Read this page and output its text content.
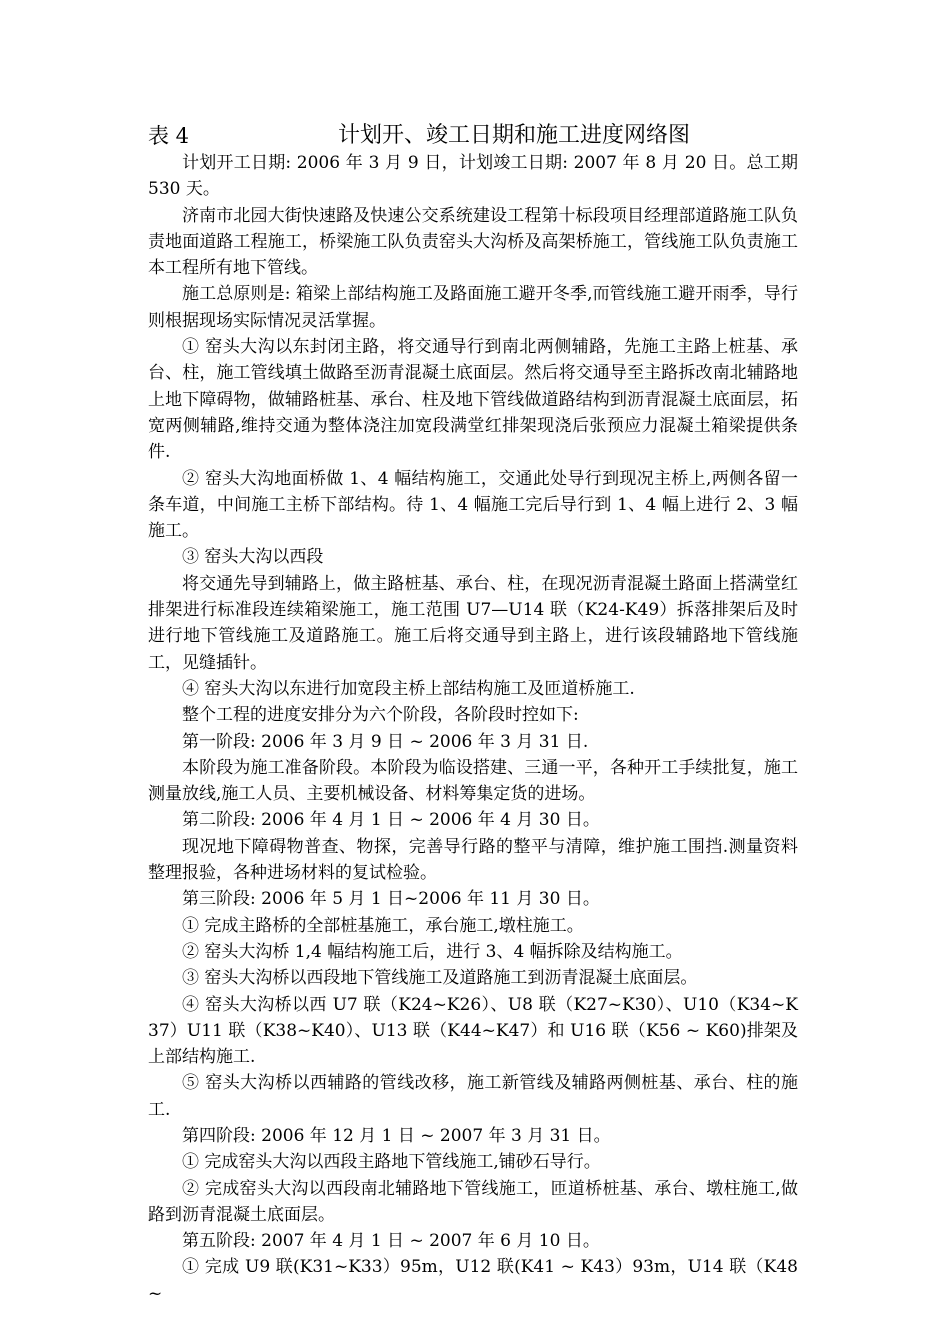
表 4	计划开、竣工日期和施工进度网络图

计划开工日期: 2006 年 3 月 9 日，计划竣工日期: 2007 年 8 月 20 日。总工期 530 天。

济南市北园大街快速路及快速公交系统建设工程第十标段项目经理部道路施工队负责地面道路工程施工，桥梁施工队负责窑头大沟桥及高架桥施工，管线施工队负责施工本工程所有地下管线。

施工总原则是: 箱梁上部结构施工及路面施工避开冬季,而管线施工避开雨季，导行则根据现场实际情况灵活掌握。

① 窑头大沟以东封闭主路，将交通导行到南北两侧辅路，先施工主路上桩基、承台、柱，施工管线填土做路至沥青混凝土底面层。然后将交通导至主路拆改南北辅路地上地下障碍物，做辅路桩基、承台、柱及地下管线做道路结构到沥青混凝土底面层，拓宽两侧辅路,维持交通为整体浇注加宽段满堂红排架现浇后张预应力混凝土箱梁提供条件.

② 窑头大沟地面桥做 1、4 幅结构施工，交通此处导行到现况主桥上,两侧各留一条车道，中间施工主桥下部结构。待 1、4 幅施工完后导行到 1、4 幅上进行 2、3 幅施工。

③ 窑头大沟以西段

将交通先导到辅路上，做主路桩基、承台、柱，在现况沥青混凝土路面上搭满堂红排架进行标准段连续箱梁施工，施工范围 U7—U14 联（K24-K49）拆落排架后及时进行地下管线施工及道路施工。施工后将交通导到主路上，进行该段辅路地下管线施工，见缝插针。

④ 窑头大沟以东进行加宽段主桥上部结构施工及匝道桥施工.

整个工程的进度安排分为六个阶段，各阶段时控如下:

第一阶段: 2006 年 3 月 9 日 ~ 2006 年 3 月 31 日.

本阶段为施工准备阶段。本阶段为临设搭建、三通一平，各种开工手续批复，施工测量放线,施工人员、主要机械设备、材料筹集定货的进场。

第二阶段: 2006 年 4 月 1 日 ~ 2006 年 4 月 30 日。

现况地下障碍物普查、物探，完善导行路的整平与清障，维护施工围挡.测量资料整理报验，各种进场材料的复试检验。

第三阶段: 2006 年 5 月 1 日~2006 年 11 月 30 日。

① 完成主路桥的全部桩基施工，承台施工,墩柱施工。

② 窑头大沟桥 1,4 幅结构施工后，进行 3、4 幅拆除及结构施工。

③ 窑头大沟桥以西段地下管线施工及道路施工到沥青混凝土底面层。

④ 窑头大沟桥以西 U7 联（K24~K26）、U8 联（K27~K30）、U10（K34~K37）U11 联（K38~K40）、U13 联（K44~K47）和 U16 联（K56 ~ K60)排架及上部结构施工.

⑤ 窑头大沟桥以西辅路的管线改移，施工新管线及辅路两侧桩基、承台、柱的施工.

第四阶段: 2006 年 12 月 1 日 ~ 2007 年 3 月 31 日。

① 完成窑头大沟以西段主路地下管线施工,铺砂石导行。

② 完成窑头大沟以西段南北辅路地下管线施工，匝道桥桩基、承台、墩柱施工,做路到沥青混凝土底面层。

第五阶段: 2007 年 4 月 1 日 ~ 2007 年 6 月 10 日。

① 完成 U9 联(K31~K33）95m，U12 联(K41 ~ K43）93m，U14 联（K48 ~
